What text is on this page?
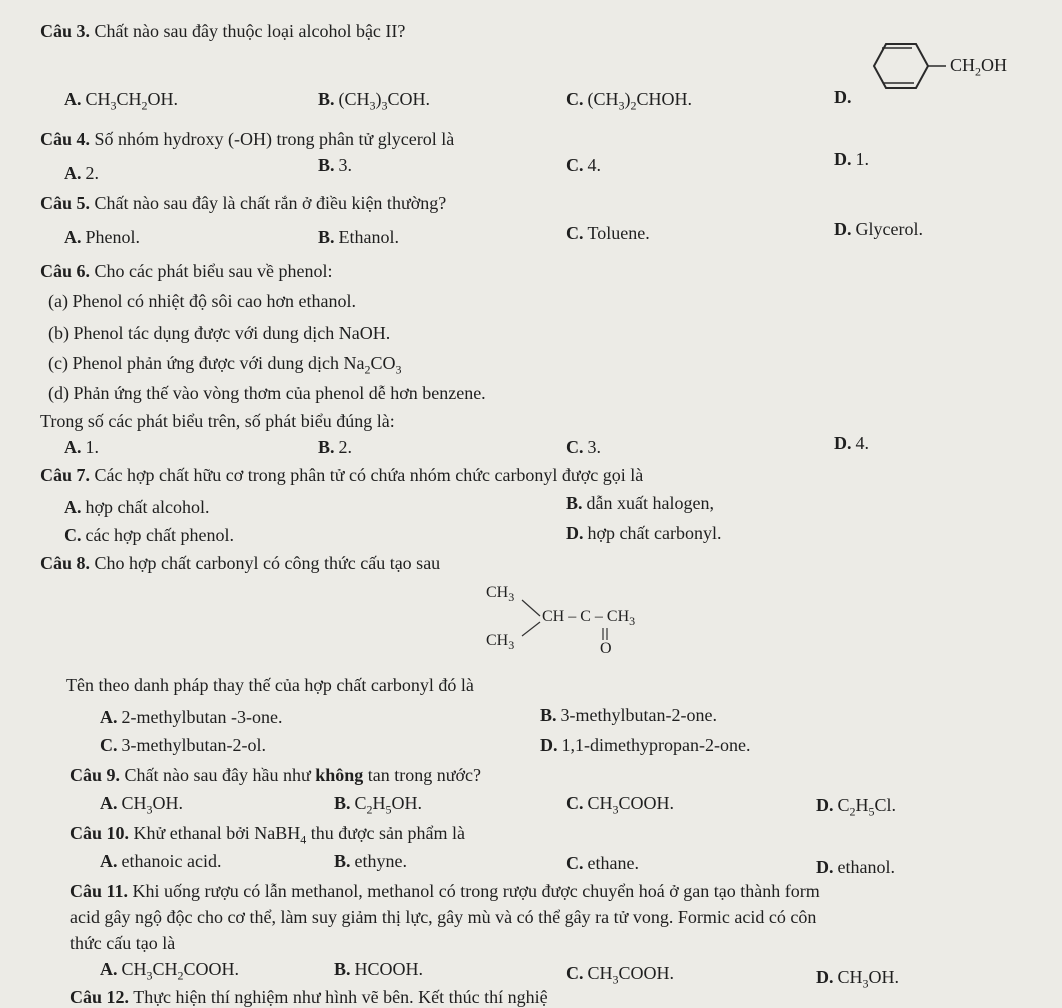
Câu 3. Chất nào sau đây thuộc loại alcohol bậc II?
A. $CH_3CH_2OH$.	B. $(CH_3)_3COH$.	C. $(CH_3)_2CHOH$.	D.
$CH_2OH$
Câu 4. Số nhóm hydroxy (-OH) trong phân tử glycerol là
A. 2.	B. 3.	C. 4.	D. 1.
Câu 5. Chất nào sau đây là chất rắn ở điều kiện thường?
A. Phenol.	B. Ethanol.	C. Toluene.	D. Glycerol.
Câu 6. Cho các phát biểu sau về phenol:
(a) Phenol có nhiệt độ sôi cao hơn ethanol.
(b) Phenol tác dụng được với dung dịch NaOH.
(c) Phenol phản ứng được với dung dịch $Na_2CO_3$
(d) Phản ứng thế vào vòng thơm của phenol dễ hơn benzene.
Trong số các phát biểu trên, số phát biểu đúng là:
A. 1.	B. 2.	C. 3.	D. 4.
Câu 7. Các hợp chất hữu cơ trong phân tử có chứa nhóm chức carbonyl được gọi là
A. hợp chất alcohol.	B. dẫn xuất halogen,
C. các hợp chất phenol.	D. hợp chất carbonyl.
Câu 8. Cho hợp chất carbonyl có công thức cấu tạo sau
$CH_3$
$CH_3$
CH – C – $CH_3$
O
Tên theo danh pháp thay thế của hợp chất carbonyl đó là
A. 2-methylbutan -3-one.	B. 3-methylbutan-2-one.
C. 3-methylbutan-2-ol.	D. 1,1-dimethypropan-2-one.
Câu 9. Chất nào sau đây hầu như không tan trong nước?
A. $CH_3OH$.	B. $C_2H_5OH$.	C. $CH_3COOH$.	D. $C_2H_5Cl$.
Câu 10. Khử ethanal bởi NaBH$_4$ thu được sản phẩm là
A. ethanoic acid.	B. ethyne.	C. ethane.	D. ethanol.
Câu 11. Khi uống rượu có lẫn methanol, methanol có trong rượu được chuyển hoá ở gan tạo thành form
acid gây ngộ độc cho cơ thể, làm suy giảm thị lực, gây mù và có thể gây ra tử vong. Formic acid có côn
thức cấu tạo là
A. $CH_3CH_2COOH$.	B. HCOOH.	C. $CH_3COOH$.	D. $CH_3OH$.
Câu 12. Thực hiện thí nghiệm như hình vẽ bên. Kết thúc thí nghiệ
